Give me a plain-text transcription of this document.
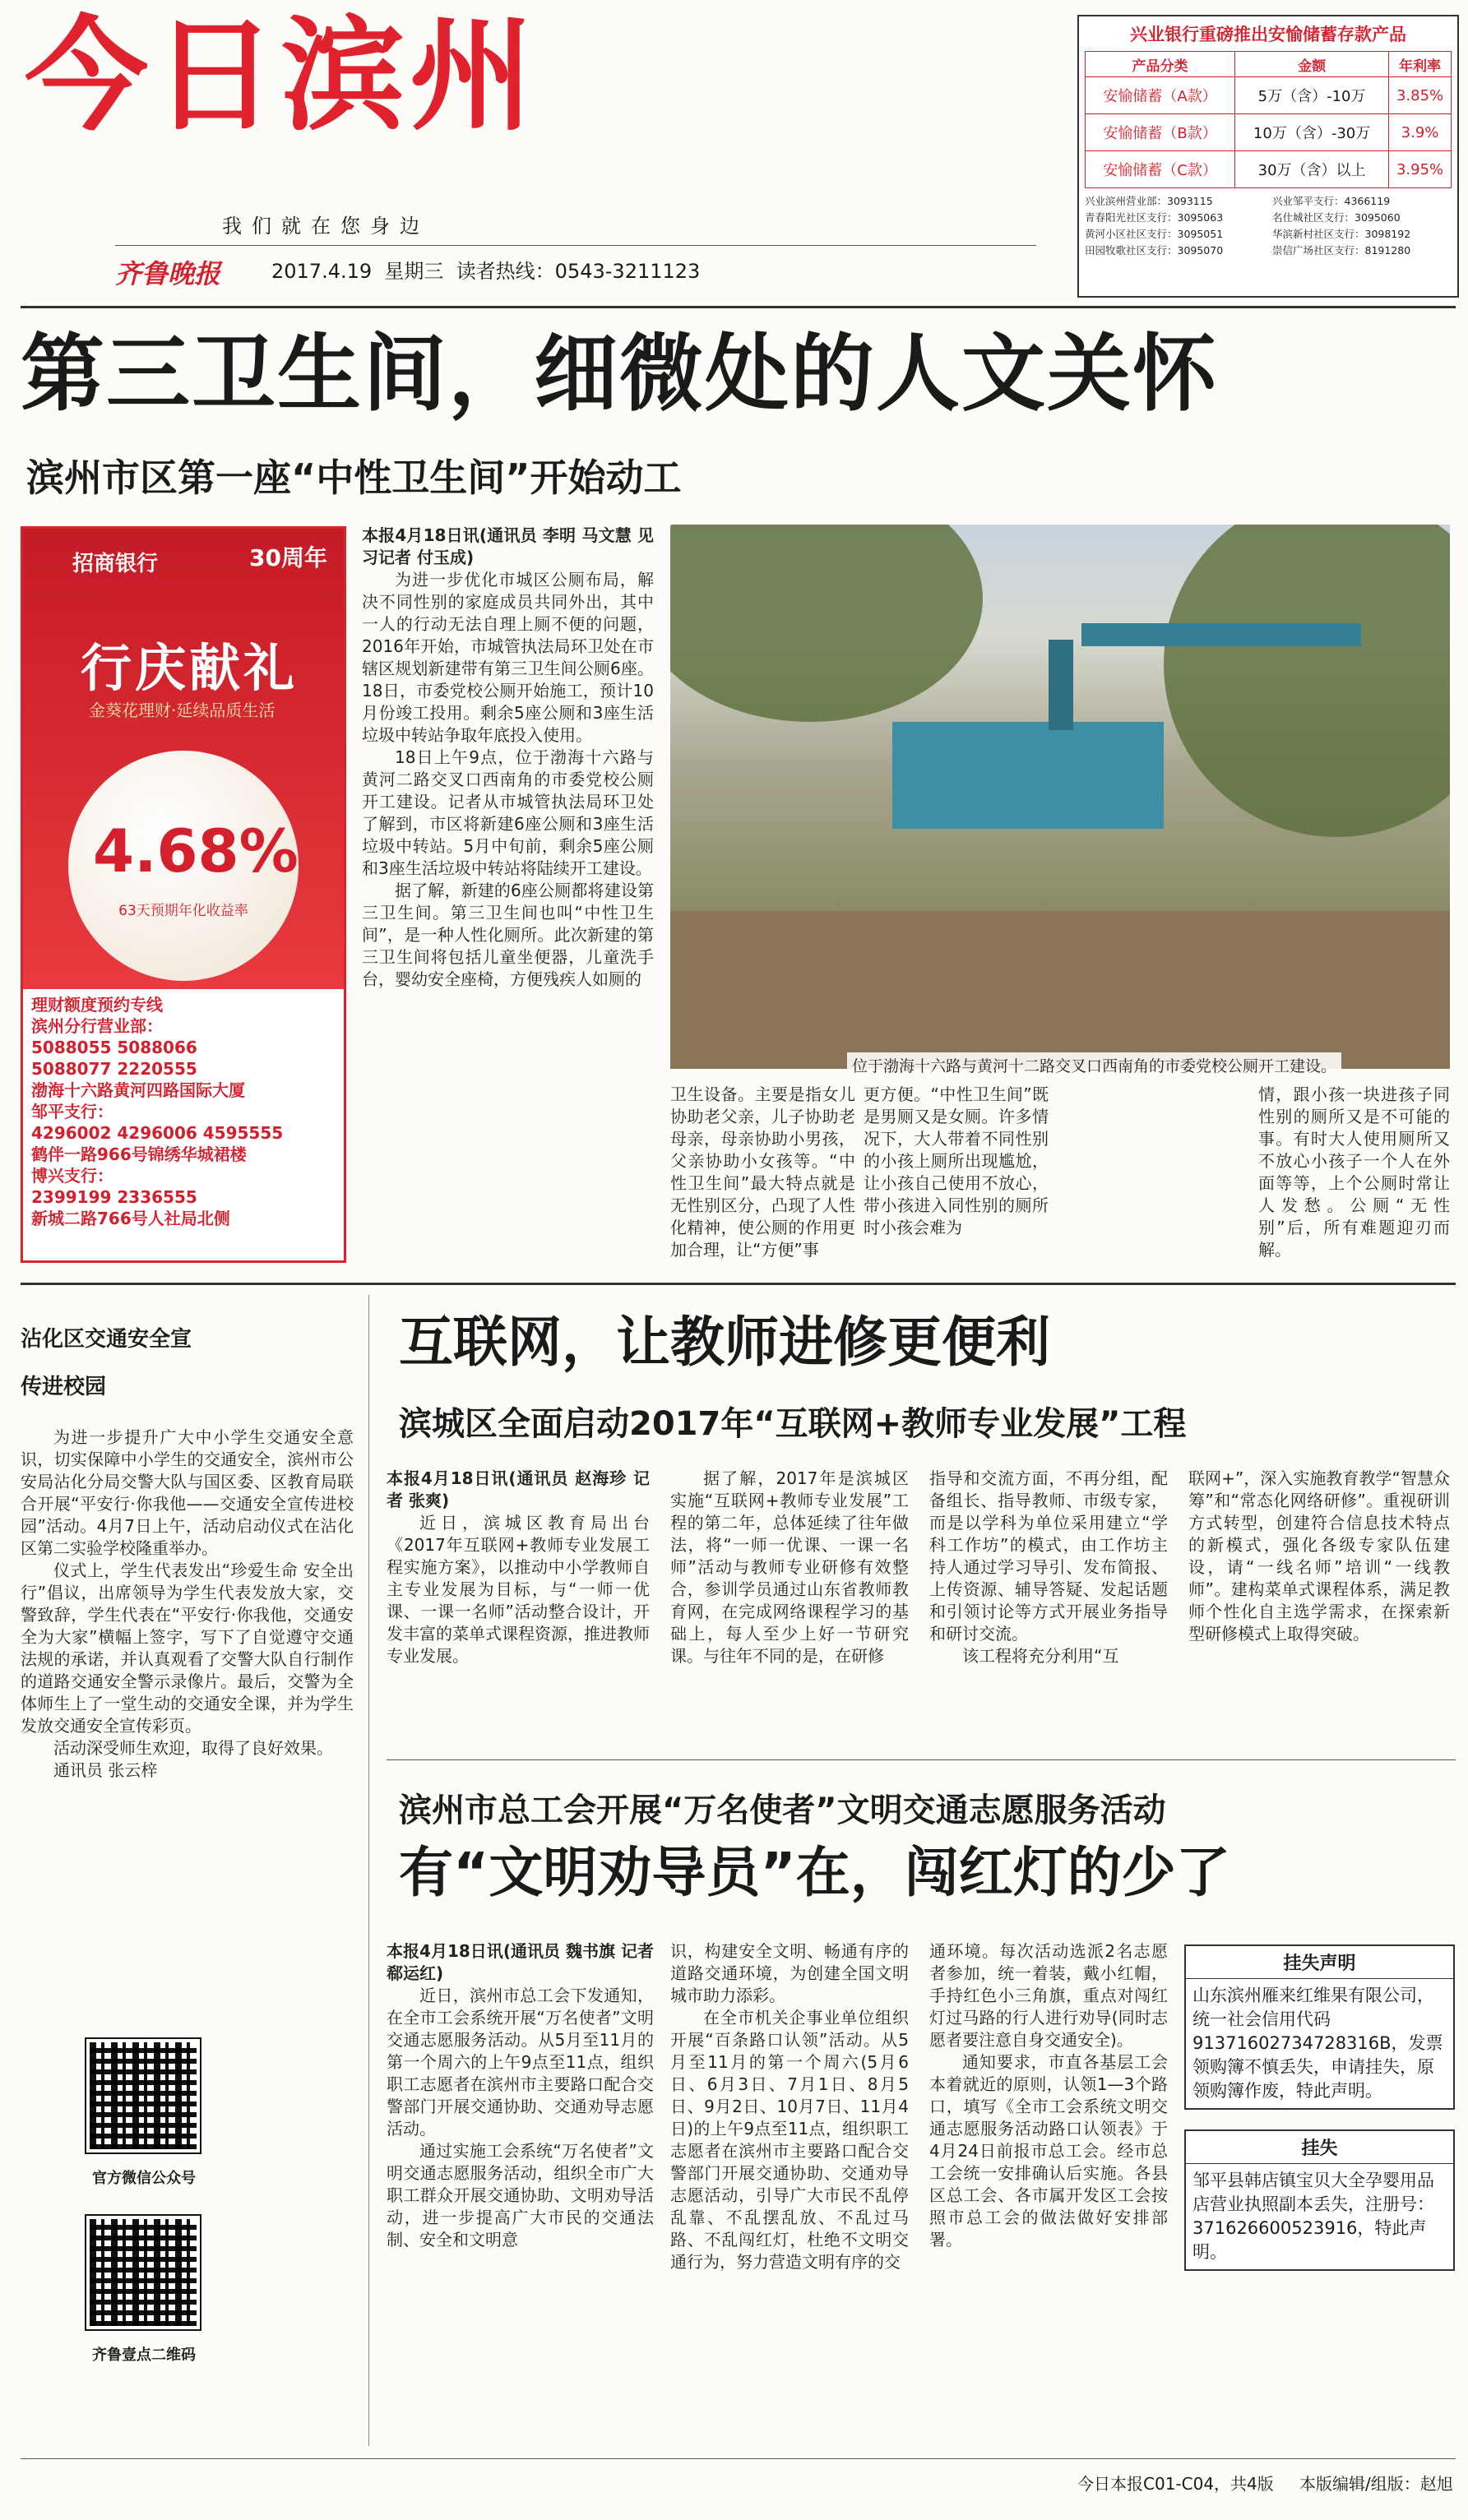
今日滨州
我们就在您身边
齐鲁晚报	2017.4.19 星期三 读者热线：0543-3211123
兴业银行重磅推出安愉储蓄存款产品
产品分类	金额	年利率
安愉储蓄（A款）	5万（含）-10万	3.85%
安愉储蓄（B款）	10万（含）-30万	3.9%
安愉储蓄（C款）	30万（含）以上	3.95%
兴业滨州营业部：3093115
青春阳光社区支行：3095063
黄河小区社区支行：3095051
田园牧歌社区支行：3095070
兴业邹平支行：4366119
名仕城社区支行：3095060
华滨新村社区支行：3098192
崇信广场社区支行：8191280
第三卫生间，细微处的人文关怀
滨州市区第一座“中性卫生间”开始动工
招商银行	30周年
行庆献礼
金葵花理财·延续品质生活
4.68%
63天预期年化收益率
理财额度预约专线
滨州分行营业部：
5088055 5088066
5088077 2220555
渤海十六路黄河四路国际大厦
邹平支行：
4296002 4296006 4595555
鹤伴一路966号锦绣华城裙楼
博兴支行：
2399199 2336555
新城二路766号人社局北侧
本报4月18日讯(通讯员 李明 马文慧 见习记者 付玉成)
为进一步优化市城区公厕布局，解决不同性别的家庭成员共同外出，其中一人的行动无法自理上厕不便的问题，2016年开始，市城管执法局环卫处在市辖区规划新建带有第三卫生间公厕6座。18日，市委党校公厕开始施工，预计10月份竣工投用。剩余5座公厕和3座生活垃圾中转站争取年底投入使用。
18日上午9点，位于渤海十六路与黄河二路交叉口西南角的市委党校公厕开工建设。记者从市城管执法局环卫处了解到，市区将新建6座公厕和3座生活垃圾中转站。5月中旬前，剩余5座公厕和3座生活垃圾中转站将陆续开工建设。
据了解，新建的6座公厕都将建设第三卫生间。第三卫生间也叫“中性卫生间”，是一种人性化厕所。此次新建的第三卫生间将包括儿童坐便器，儿童洗手台，婴幼安全座椅，方便残疾人如厕的
位于渤海十六路与黄河十二路交叉口西南角的市委党校公厕开工建设。
卫生设备。主要是指女儿协助老父亲，儿子协助老母亲，母亲协助小男孩，父亲协助小女孩等。“中性卫生间”最大特点就是无性别区分，凸现了人性化精神，使公厕的作用更加合理，让“方便”事
更方便。“中性卫生间”既是男厕又是女厕。许多情况下，大人带着不同性别的小孩上厕所出现尴尬，让小孩自己使用不放心，带小孩进入同性别的厕所时小孩会难为
情，跟小孩一块进孩子同性别的厕所又是不可能的事。有时大人使用厕所又不放心小孩子一个人在外面等等，上个公厕时常让人发愁。公厕“无性别”后，所有难题迎刃而解。
沾化区交通安全宣传进校园
为进一步提升广大中小学生交通安全意识，切实保障中小学生的交通安全，滨州市公安局沾化分局交警大队与国区委、区教育局联合开展“平安行·你我他——交通安全宣传进校园”活动。4月7日上午，活动启动仪式在沾化区第二实验学校隆重举办。
仪式上，学生代表发出“珍爱生命 安全出行”倡议，出席领导为学生代表发放大家，交警致辞，学生代表在“平安行·你我他，交通安全为大家”横幅上签字，写下了自觉遵守交通法规的承诺，并认真观看了交警大队自行制作的道路交通安全警示录像片。最后，交警为全体师生上了一堂生动的交通安全课，并为学生发放交通安全宣传彩页。
活动深受师生欢迎，取得了良好效果。
通讯员 张云梓
官方微信公众号
齐鲁壹点二维码
互联网，让教师进修更便利
滨城区全面启动2017年“互联网+教师专业发展”工程
本报4月18日讯(通讯员 赵海珍 记者 张爽)
近日，滨城区教育局出台《2017年互联网+教师专业发展工程实施方案》，以推动中小学教师自主专业发展为目标，与“一师一优课、一课一名师”活动整合设计，开发丰富的菜单式课程资源，推进教师专业发展。
据了解，2017年是滨城区实施“互联网+教师专业发展”工程的第二年，总体延续了往年做法，将“一师一优课、一课一名师”活动与教师专业研修有效整合，参训学员通过山东省教师教育网，在完成网络课程学习的基础上，每人至少上好一节研究课。与往年不同的是，在研修
指导和交流方面，不再分组，配备组长、指导教师、市级专家，而是以学科为单位采用建立“学科工作坊”的模式，由工作坊主持人通过学习导引、发布简报、上传资源、辅导答疑、发起话题和引领讨论等方式开展业务指导和研讨交流。
该工程将充分利用“互
联网+”，深入实施教育教学“智慧众筹”和“常态化网络研修”。重视研训方式转型，创建符合信息技术特点的新模式，强化各级专家队伍建设，请“一线名师”培训“一线教师”。建构菜单式课程体系，满足教师个性化自主选学需求，在探索新型研修模式上取得突破。
滨州市总工会开展“万名使者”文明交通志愿服务活动
有“文明劝导员”在，闯红灯的少了
本报4月18日讯(通讯员 魏书旗 记者 郗运红)
近日，滨州市总工会下发通知，在全市工会系统开展“万名使者”文明交通志愿服务活动。从5月至11月的第一个周六的上午9点至11点，组织职工志愿者在滨州市主要路口配合交警部门开展交通协助、交通劝导志愿活动。
通过实施工会系统“万名使者”文明交通志愿服务活动，组织全市广大职工群众开展交通协助、文明劝导活动，进一步提高广大市民的交通法制、安全和文明意
识，构建安全文明、畅通有序的道路交通环境，为创建全国文明城市助力添彩。
在全市机关企事业单位组织开展“百条路口认领”活动。从5月至11月的第一个周六(5月6日、6月3日、7月1日、8月5日、9月2日、10月7日、11月4日)的上午9点至11点，组织职工志愿者在滨州市主要路口配合交警部门开展交通协助、交通劝导志愿活动，引导广大市民不乱停乱靠、不乱摆乱放、不乱过马路、不乱闯红灯，杜绝不文明交通行为，努力营造文明有序的交
通环境。每次活动选派2名志愿者参加，统一着装，戴小红帽，手持红色小三角旗，重点对闯红灯过马路的行人进行劝导(同时志愿者要注意自身交通安全)。
通知要求，市直各基层工会本着就近的原则，认领1—3个路口，填写《全市工会系统文明交通志愿服务活动路口认领表》于4月24日前报市总工会。经市总工会统一安排确认后实施。各县区总工会、各市属开发区工会按照市总工会的做法做好安排部署。
挂失声明
山东滨州雁来红维果有限公司，统一社会信用代码91371602734728316B，发票领购簿不慎丢失，申请挂失，原领购簿作废，特此声明。
挂失
邹平县韩店镇宝贝大全孕婴用品店营业执照副本丢失，注册号：371626600523916，特此声明。
今日本报C01-C04，共4版 本版编辑/组版：赵旭
